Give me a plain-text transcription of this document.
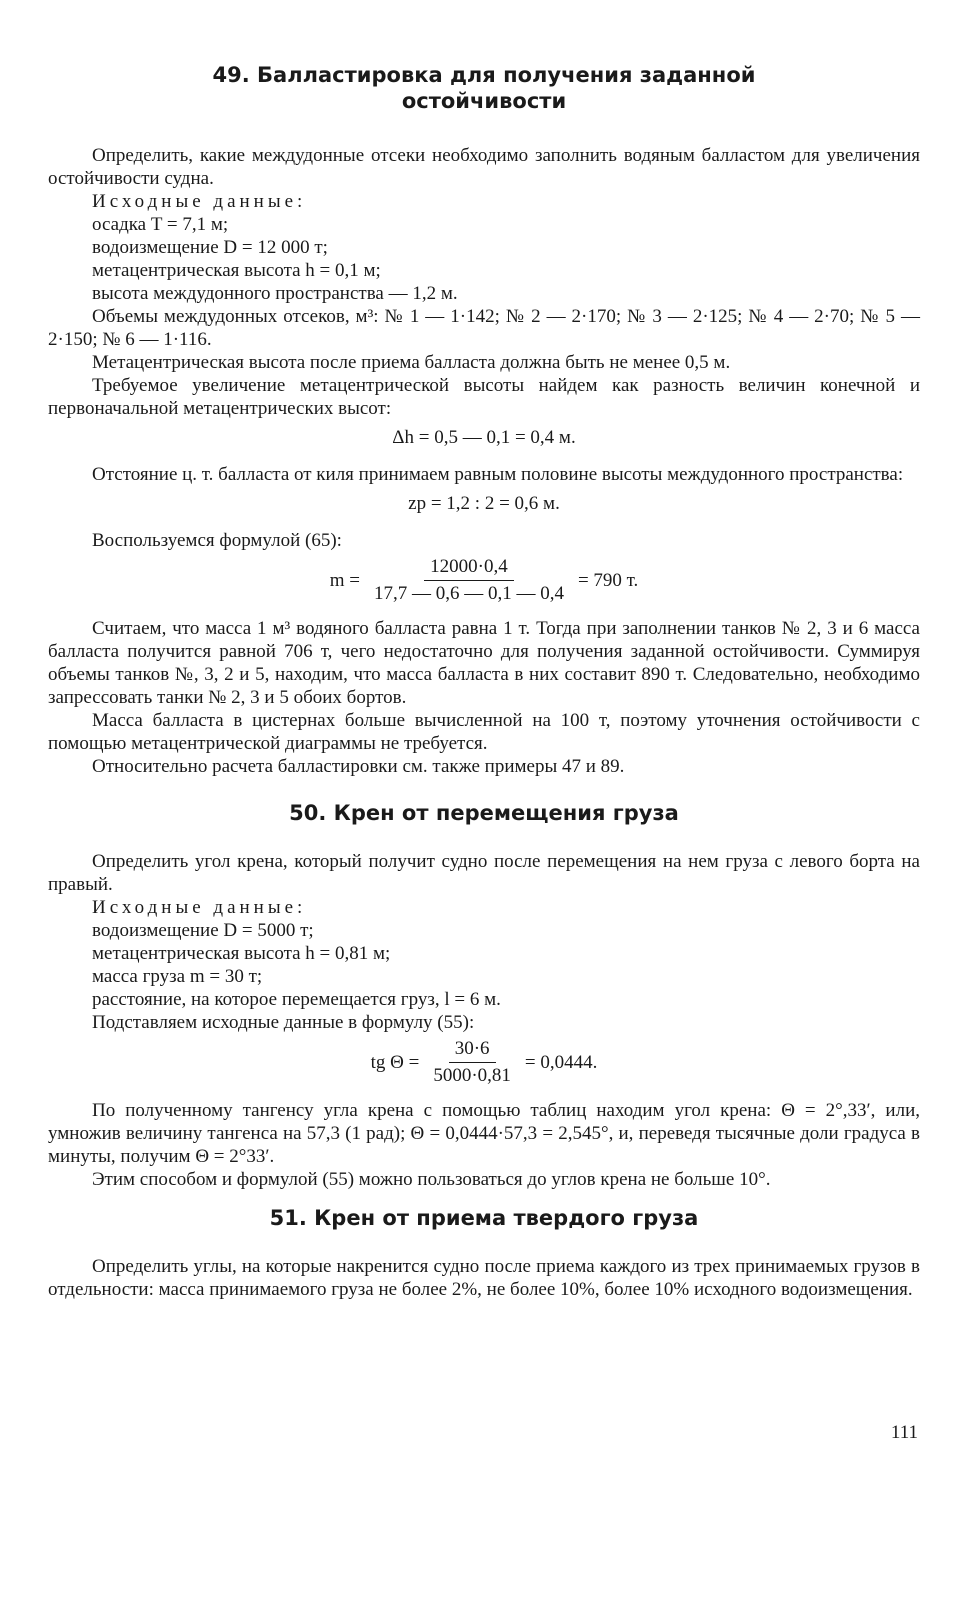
49. Балластировка для получения заданной
остойчивости

Определить, какие междудонные отсеки необходимо заполнить водяным балластом для увеличения остойчивости судна.

Исходные данные:
осадка T = 7,1 м;
водоизмещение D = 12 000 т;
метацентрическая высота h = 0,1 м;
высота междудонного пространства — 1,2 м.

Объемы междудонных отсеков, м³: № 1 — 1·142; № 2 — 2·170; № 3 — 2·125; № 4 — 2·70; № 5 — 2·150; № 6 — 1·116.

Метацентрическая высота после приема балласта должна быть не менее 0,5 м.

Требуемое увеличение метацентрической высоты найдем как разность величин конечной и первоначальной метацентрических высот:

Δh = 0,5 — 0,1 = 0,4 м.

Отстояние ц. т. балласта от киля принимаем равным половине высоты междудонного пространства:

zp = 1,2 : 2 = 0,6 м.

Воспользуемся формулой (65):

$m = \frac{12000\cdot 0,4}{17,7 — 0,6 — 0,1 — 0,4} = 790$ т.

Считаем, что масса 1 м³ водяного балласта равна 1 т. Тогда при заполнении танков № 2, 3 и 6 масса балласта получится равной 706 т, чего недостаточно для получения заданной остойчивости. Суммируя объемы танков №, 3, 2 и 5, находим, что масса балласта в них составит 890 т. Следовательно, необходимо запрессовать танки № 2, 3 и 5 обоих бортов.

Масса балласта в цистернах больше вычисленной на 100 т, поэтому уточнения остойчивости с помощью метацентрической диаграммы не требуется.

Относительно расчета балластировки см. также примеры 47 и 89.

50. Крен от перемещения груза

Определить угол крена, который получит судно после перемещения на нем груза с левого борта на правый.

Исходные данные:
водоизмещение D = 5000 т;
метацентрическая высота h = 0,81 м;
масса груза m = 30 т;
расстояние, на которое перемещается груз, l = 6 м.

Подставляем исходные данные в формулу (55):

tg $\Theta = \frac{30\cdot 6}{5000\cdot 0,81} = 0,0444$.

По полученному тангенсу угла крена с помощью таблиц находим угол крена: Θ = 2°,33′, или, умножив величину тангенса на 57,3 (1 рад); Θ = 0,0444·57,3 = 2,545°, и, переведя тысячные доли градуса в минуты, получим Θ = 2°33′.

Этим способом и формулой (55) можно пользоваться до углов крена не больше 10°.

51. Крен от приема твердого груза

Определить углы, на которые накренится судно после приема каждого из трех принимаемых грузов в отдельности: масса принимаемого груза не более 2%, не более 10%, более 10% исходного водоизмещения.

111
